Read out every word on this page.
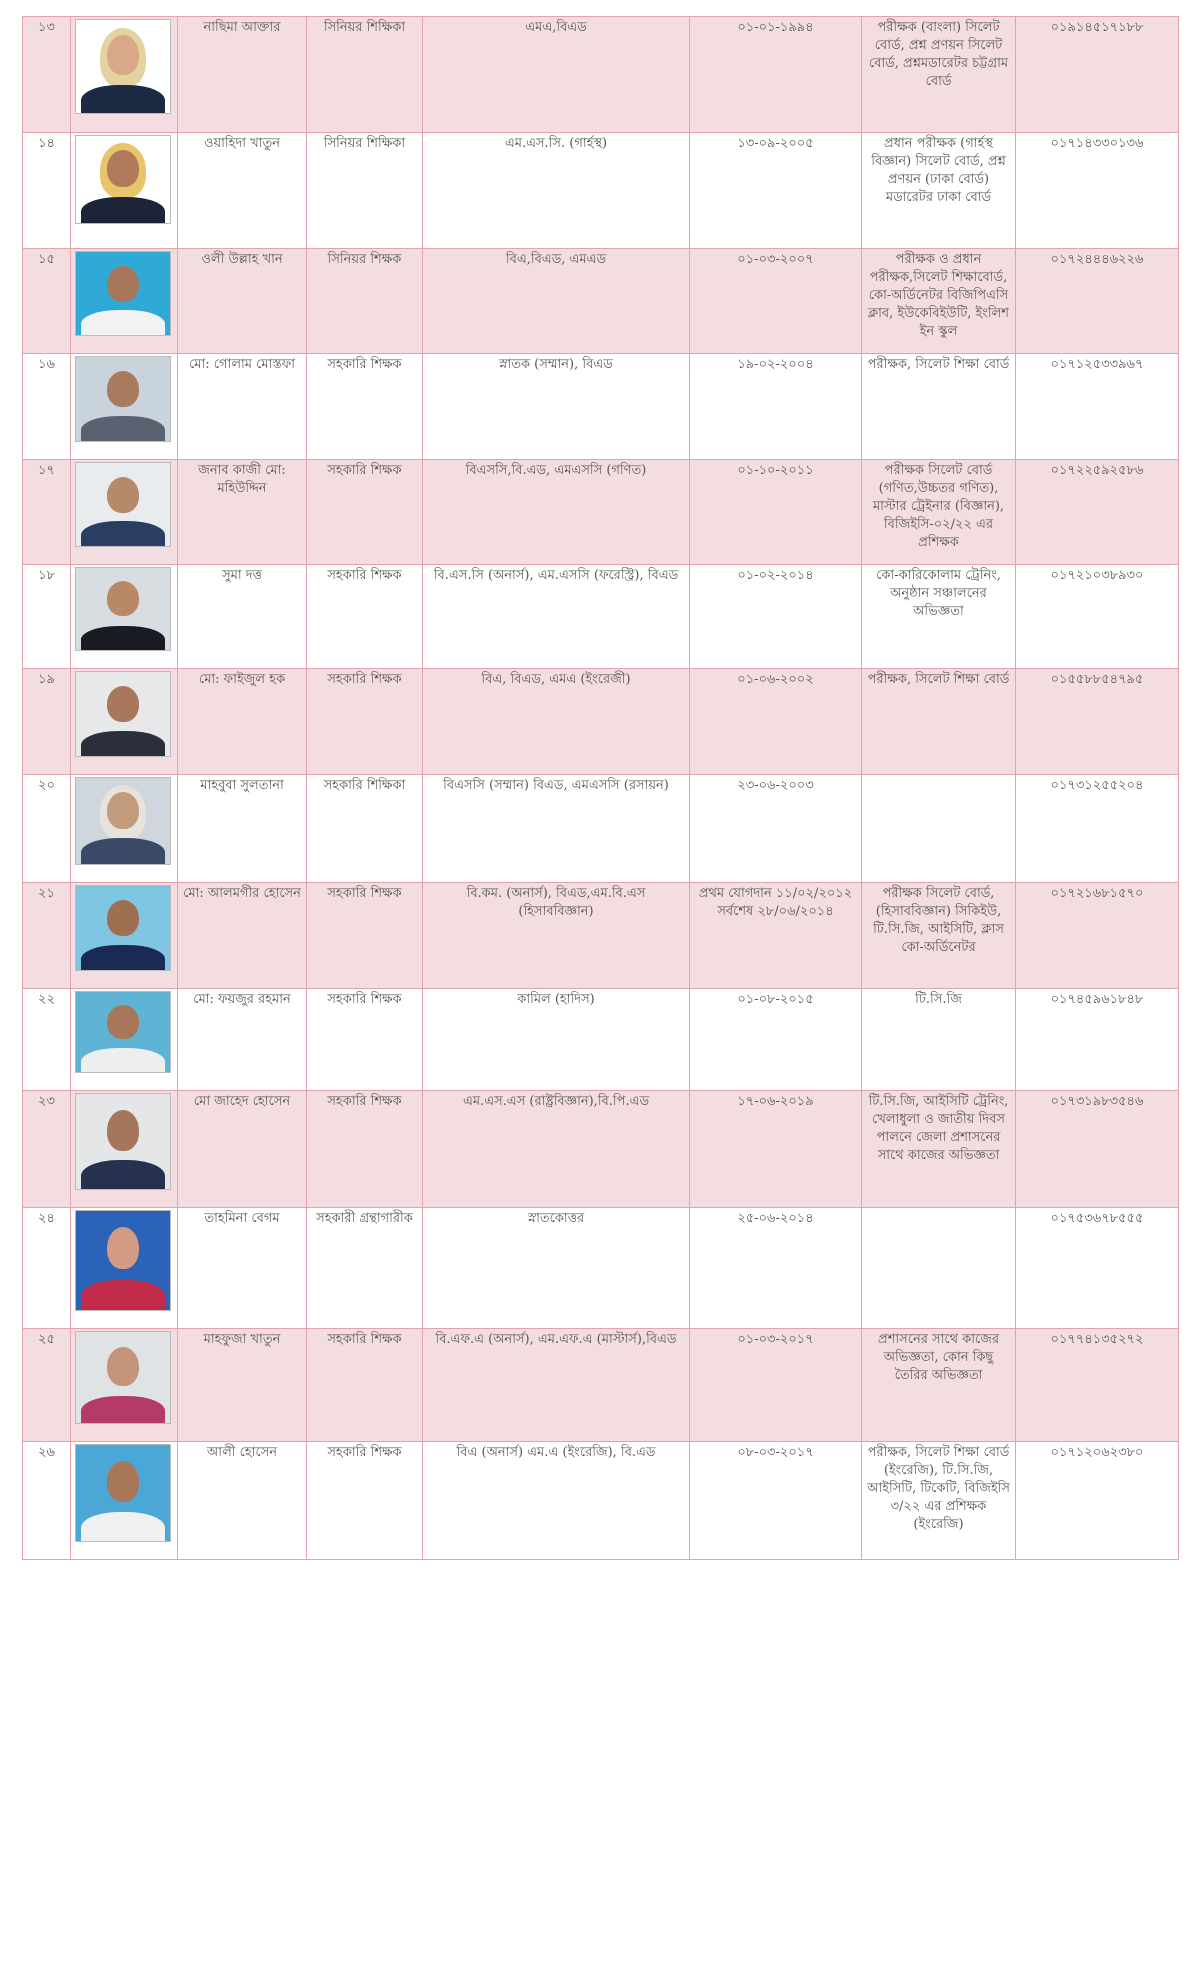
১৩		নাছিমা আক্তার	সিনিয়র শিক্ষিকা	এমএ,বিএড	০১-০১-১৯৯৪	পরীক্ষক (বাংলা) সিলেট বোর্ড, প্রশ্ন প্রণয়ন সিলেট বোর্ড, প্রশ্নমডারেটর চট্টগ্রাম বোর্ড	০১৯১৪৫১৭১৮৮
১৪		ওয়াহিদা খাতুন	সিনিয়র শিক্ষিকা	এম.এস.সি. (গার্হস্থ)	১৩-০৯-২০০৫	প্রধান পরীক্ষক (গার্হস্থ বিজ্ঞান) সিলেট বোর্ড, প্রশ্ন প্রণয়ন (ঢাকা বোর্ড) মডারেটর ঢাকা বোর্ড	০১৭১৪৩৩০১৩৬
১৫		ওলী উল্লাহ খান	সিনিয়র শিক্ষক	বিএ,বিএড, এমএড	০১-০৩-২০০৭	পরীক্ষক ও প্রধান পরীক্ষক,সিলেট শিক্ষাবোর্ড, কো-অর্ডিনেটর বিজিপিএসি ক্লাব, ইউকেবিইউটি, ইংলিশ ইন স্কুল	০১৭২৪৪৪৬২২৬
১৬		মো: গোলাম মোস্তফা	সহকারি শিক্ষক	স্নাতক (সম্মান), বিএড	১৯-০২-২০০৪	পরীক্ষক, সিলেট শিক্ষা বোর্ড	০১৭১২৫৩৩৯৬৭
১৭		জনাব কাজী মো: মহিউদ্দিন	সহকারি শিক্ষক	বিএসসি,বি.এড, এমএসসি (গণিত)	০১-১০-২০১১	পরীক্ষক সিলেট বোর্ড (গণিত,উচ্চতর গণিত), মাস্টার ট্রেইনার (বিজ্ঞান), বিজিইসি-০২/২২ এর প্রশিক্ষক	০১৭২২৫৯২৫৮৬
১৮		সুমা দত্ত	সহকারি শিক্ষক	বি.এস.সি (অনার্স), এম.এসসি (ফরেস্ট্রি), বিএড	০১-০২-২০১৪	কো-কারিকোলাম ট্রেনিং, অনুষ্ঠান সঞ্চালনের অভিজ্ঞতা	০১৭২১০৩৮৯৩০
১৯		মো: ফাইজুল হক	সহকারি শিক্ষক	বিএ, বিএড, এমএ (ইংরেজী)	০১-০৬-২০০২	পরীক্ষক, সিলেট শিক্ষা বোর্ড	০১৫৫৮৮৫৪৭৯৫
২০		মাহবুবা সুলতানা	সহকারি শিক্ষিকা	বিএসসি (সম্মান) বিএড, এমএসসি (রসায়ন)	২৩-০৬-২০০৩		০১৭৩১২৫৫২০৪
২১		মো: আলমগীর হোসেন	সহকারি শিক্ষক	বি.কম. (অনার্স), বিএড,এম.বি.এস (হিসাববিজ্ঞান)	প্রথম যোগদান ১১/০২/২০১২ সর্বশেষ ২৮/০৬/২০১৪	পরীক্ষক সিলেট বোর্ড, (হিসাববিজ্ঞান) সিকিইউ, টি.সি.জি, আইসিটি, ক্লাস কো-অর্ডিনেটর	০১৭২১৬৮১৫৭০
২২		মো: ফয়জুর রহমান	সহকারি শিক্ষক	কামিল (হাদিস)	০১-০৮-২০১৫	টি.সি.জি	০১৭৪৫৯৬১৮৪৮
২৩		মো জাহেদ হোসেন	সহকারি শিক্ষক	এম.এস.এস (রাষ্ট্রবিজ্ঞান),বি.পি.এড	১৭-০৬-২০১৯	টি.সি.জি, আইসিটি ট্রেনিং, খেলাধুলা ও জাতীয় দিবস পালনে জেলা প্রশাসনের সাথে কাজের অভিজ্ঞতা	০১৭৩১৯৮৩৫৪৬
২৪		তাহমিনা বেগম	সহকারী গ্রন্থাগারীক	স্নাতকোত্তর	২৫-০৬-২০১৪		০১৭৫৩৬৭৮৫৫৫
২৫		মাহফুজা খাতুন	সহকারি শিক্ষক	বি.এফ.এ (অনার্স), এম.এফ.এ (মাস্টার্স),বিএড	০১-০৩-২০১৭	প্রশাসনের সাথে কাজের অভিজ্ঞতা, কোন কিছু তৈরির অভিজ্ঞতা	০১৭৭৪১৩৫২৭২
২৬		আলী হোসেন	সহকারি শিক্ষক	বিএ (অনার্স) এম.এ (ইংরেজি), বি.এড	০৮-০৩-২০১৭	পরীক্ষক, সিলেট শিক্ষা বোর্ড (ইংরেজি), টি.সি.জি, আইসিটি, টিকেটি, বিজিইসি ৩/২২ এর প্রশিক্ষক (ইংরেজি)	০১৭১২০৬২৩৮০
